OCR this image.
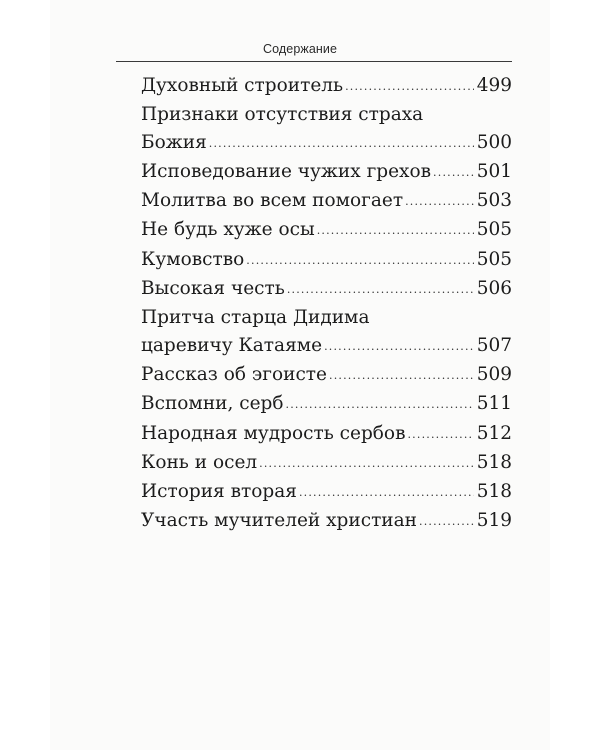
Содержание
Духовный строитель .....	499
Признаки отсутствия страха
Божия .....	500
Исповедование чужих грехов ..... 501
Молитва во всем помогает .....	503
Не будь хуже осы .....	505
Кумовство .....	505
Высокая честь .....	506
Притча старца Дидима
царевичу Катаяме .....	507
Рассказ об эгоисте .....	509
Вспомни, серб .....	511
Народная мудрость сербов .....	512
Конь и осел .....	518
История вторая .....	518
Участь мучителей христиан .....	519
